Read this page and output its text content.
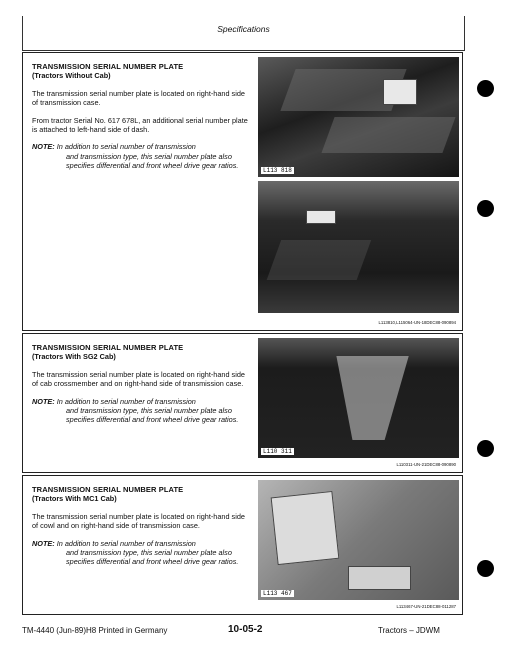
Specifications
TRANSMISSION SERIAL NUMBER PLATE
(Tractors Without Cab)

The transmission serial number plate is located on right-hand side of transmission case.

From tractor Serial No. 617 678L, an additional serial number plate is attached to left-hand side of dash.

NOTE: In addition to serial number of transmission
and transmission type, this serial number plate also specifies differential and front wheel drive gear ratios.

L113 818
L113810,L115064-UN-18DEC88-090894
TRANSMISSION SERIAL NUMBER PLATE
(Tractors With SG2 Cab)

The transmission serial number plate is located on right-hand side of cab crossmember and on right-hand side of transmission case.

NOTE: In addition to serial number of transmission
and transmission type, this serial number plate also specifies differential and front wheel drive gear ratios.

L110 311
L110311-UN-21DEC88-090890
TRANSMISSION SERIAL NUMBER PLATE
(Tractors With MC1 Cab)

The transmission serial number plate is located on right-hand side of cowl and on right-hand side of transmission case.

NOTE: In addition to serial number of transmission
and transmission type, this serial number plate also specifies differential and front wheel drive gear ratios.

L113 467
L113467-UN-21DEC88-011287
TM-4440 (Jun-89)H8 Printed in Germany	10-05-2	Tractors – JDWM
